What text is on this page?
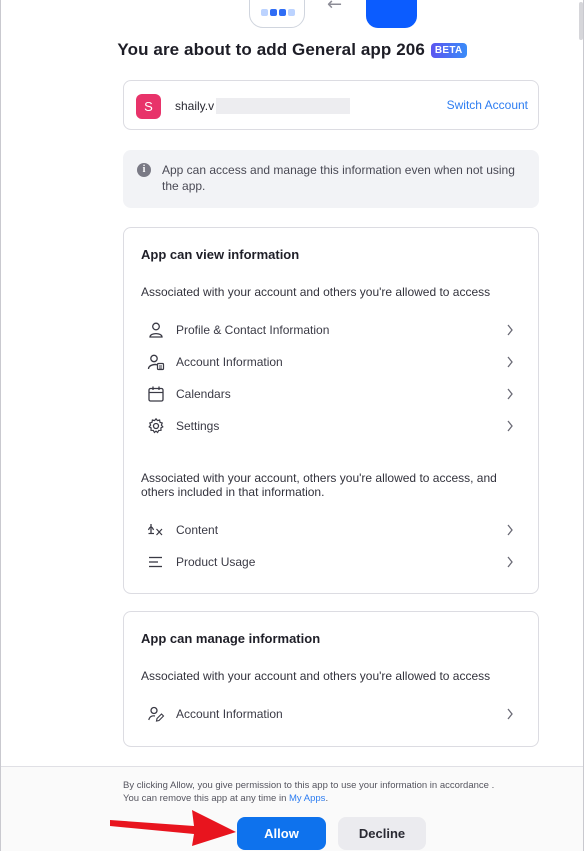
←
You are about to add General app 206 BETA
S	shaily.v	Switch Account
i	App can access and manage this information even when not using the app.
App can view information
Associated with your account and others you're allowed to access
Profile & Contact Information
Account Information
Calendars
Settings
Associated with your account, others you're allowed to access, and others included in that information.
Content
Product Usage
App can manage information
Associated with your account and others you're allowed to access
Account Information
By clicking Allow, you give permission to this app to use your information in accordance .
You can remove this app at any time in My Apps.
Allow	Decline
